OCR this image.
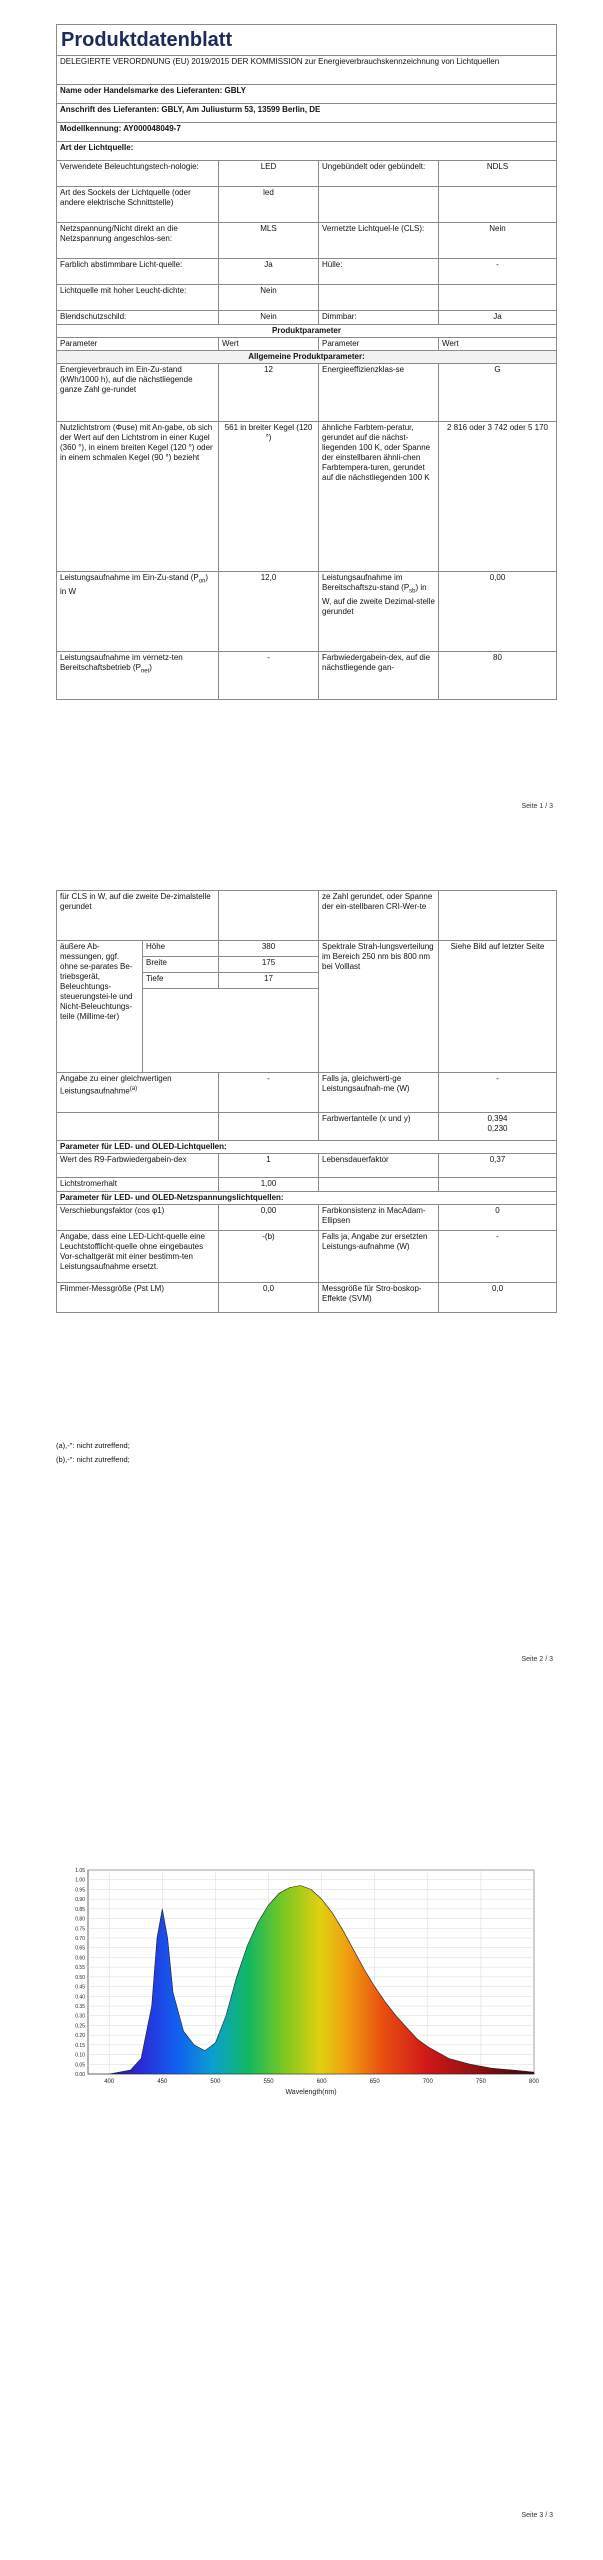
Produktdatenblatt			
DELEGIERTE VERORDNUNG (EU) 2019/2015 DER KOMMISSION zur Energieverbrauchskennzeichnung von Lichtquellen			
Name oder Handelsmarke des Lieferanten: GBLY			
Anschrift des Lieferanten: GBLY, Am Juliusturm 53, 13599 Berlin, DE			
Modellkennung: AY000048049-7			
Art der Lichtquelle:			
Verwendete Beleuchtungstech-nologie:	LED	Ungebündelt oder gebündelt:	NDLS
Art des Sockels der Lichtquelle (oder andere elektrische Schnittstelle)	led		
Netzspannung/Nicht direkt an die Netzspannung angeschlos-sen:	MLS	Vernetzte Lichtquel-le (CLS):	Nein
Farblich abstimmbare Licht-quelle:	Ja	Hülle:	-
Lichtquelle mit hoher Leucht-dichte:	Nein		
Blendschutzschild:	Nein	Dimmbar:	Ja
Produktparameter			
Parameter	Wert	Parameter	Wert
Allgemeine Produktparameter:			
Energieverbrauch im Ein-Zu-stand (kWh/1000 h), auf die nächstliegende ganze Zahl ge-rundet	12	Energieeffizienzklas-se	G
Nutzlichtstrom (Φuse) mit An-gabe, ob sich der Wert auf den Lichtstrom in einer Kugel (360 °), in einem breiten Kegel (120 °) oder in einem schmalen Kegel (90 °) bezieht	561 in breiter Kegel (120 °)	ähnliche Farbtem-peratur, gerundet auf die nächst-liegenden 100 K, oder Spanne der einstellbaren ähnli-chen Farbtempera-turen, gerundet auf die nächstliegenden 100 K	2 816 oder 3 742 oder 5 170
Leistungsaufnahme im Ein-Zu-stand $(P_{on})$ in W	12,0	Leistungsaufnahme im Bereitschaftszu-stand $(P_{sb})$ in W, auf die zweite Dezimal-stelle gerundet	0,00
Leistungsaufnahme im vernetz-ten Bereitschaftsbetrieb $(P_{net})$	-	Farbwiedergabein-dex, auf die nächstliegende gan-	80
Seite 1 / 3
für CLS in W, auf die zweite De-zimalstelle gerundet			ze Zahl gerundet, oder Spanne der ein-stellbaren CRI-Wer-te	
äußere Ab-messungen, ggf. ohne se-parates Be-triebsgerät, Beleuchtungs-steuerungstei-le und Nicht-Beleuchtungs-teile (Millime-ter)	Höhe	380	Spektrale Strah-lungsverteilung im Bereich 250 nm bis 800 nm bei Volllast	Siehe Bild auf letzter Seite
	Breite	175		
	Tiefe	17		

Angabe zu einer gleichwertigen Leistungsaufnahme$^{(a)}$		-	Falls ja, gleichwerti-ge Leistungsaufnah-me (W)	-
			Farbwertanteile (x und y)	0,394
0,230
Parameter für LED- und OLED-Lichtquellen:				
Wert des R9-Farbwiedergabein-dex		1	Lebensdauerfaktor	0,37
Lichtstromerhalt		1,00		
Parameter für LED- und OLED-Netzspannungslichtquellen:				
Verschiebungsfaktor (cos φ1)		0,00	Farbkonsistenz in MacAdam-Ellipsen	0
Angabe, dass eine LED-Licht-quelle eine Leuchtstofflicht-quelle ohne eingebautes Vor-schaltgerät mit einer bestimm-ten Leistungsaufnahme ersetzt.		-(b)	Falls ja, Angabe zur ersetzten Leistungs-aufnahme (W)	-
Flimmer-Messgröße (Pst LM)		0,0	Messgröße für Stro-boskop-Effekte (SVM)	0,0
(a),-": nicht zutreffend;
(b),-": nicht zutreffend;
Seite 2 / 3
0.00
0.05
0.10
0.15
0.20
0.25
0.30
0.35
0.40
0.45
0.50
0.55
0.60
0.65
0.70
0.75
0.80
0.85
0.90
0.95
1.00
1.05
400	450	500	550	600	650	700	750	800
Wavelength(nm)
Seite 3 / 3
